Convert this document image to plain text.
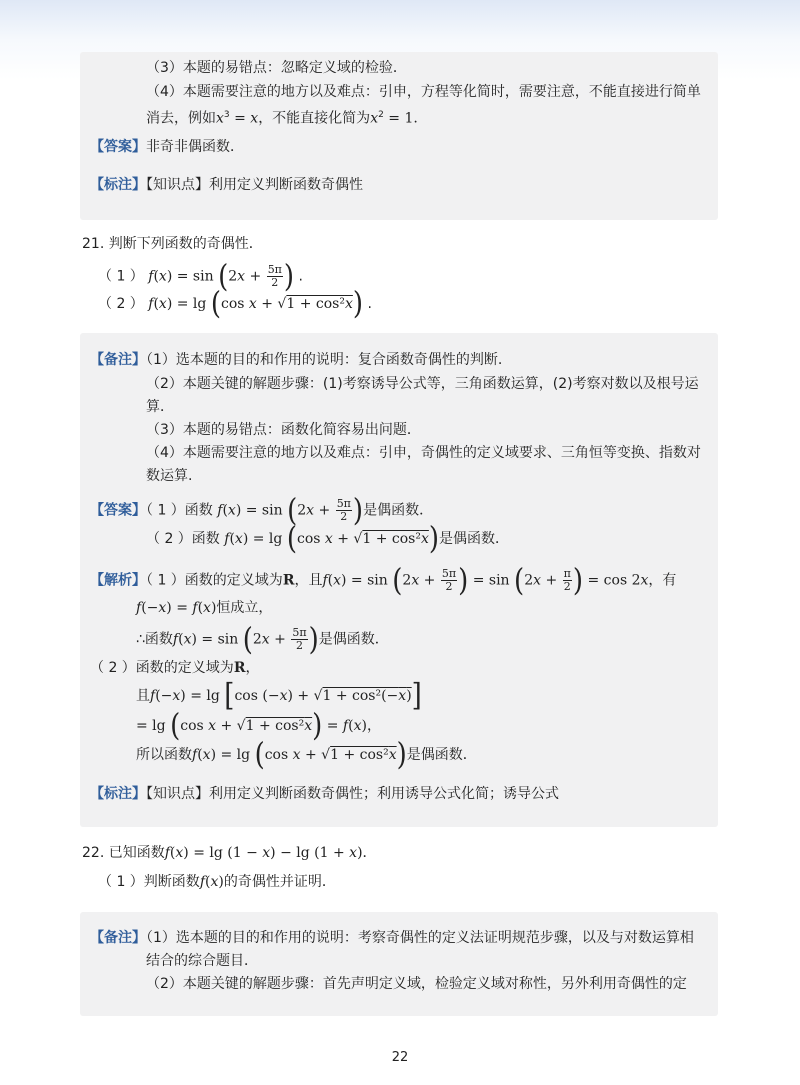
（3）本题的易错点：忽略定义域的检验．
（4）本题需要注意的地方以及难点：引申，方程等化简时，需要注意，不能直接进行简单
消去，例如$x^3 = x$，不能直接化简为$x^2 = 1$.
【答案】非奇非偶函数．
【标注】【知识点】利用定义判断函数奇偶性
21. 判断下列函数的奇偶性．
（ 1 ） $f(x) = \sin (2x + \frac{5\pi}{2}$ ) .
（ 2 ） f(x) = lg (cos x + √1 + cos²x) .
【备注】（1）选本题的目的和作用的说明：复合函数奇偶性的判断.
（2）本题关键的解题步骤：(1)考察诱导公式等，三角函数运算，(2)考察对数以及根号运
算．
（3）本题的易错点：函数化简容易出问题．
（4）本题需要注意的地方以及难点：引申，奇偶性的定义域要求、三角恒等变换、指数对
数运算.
【答案】（ 1 ）函数 $f(x) = \sin (2x + \frac{5\pi}{2}$ )是偶函数．
（ 2 ）函数 f(x) = lg (cos x + √1 + cos²x)是偶函数．
【解析】（ 1 ）函数的定义域为R，且$f(x) = \sin (2x + \frac{5\pi}{2}$ ) = $\sin (2x + \frac{\pi}{2}$ ) = cos 2x，有
f(−x) = f(x)恒成立，
∴函数$f(x) = \sin (2x + \frac{5\pi}{2}$ )是偶函数．
（ 2 ）函数的定义域为R，
且f(−x) = lg [cos (−x) + √1 + cos²(−x)]
= lg (cos x + √1 + cos²x) = f(x)，
所以函数f(x) = lg (cos x + √1 + cos²x)是偶函数．
【标注】【知识点】利用定义判断函数奇偶性；利用诱导公式化简；诱导公式
22. 已知函数f(x) = lg (1 − x) − lg (1 + x)．
（ 1 ）判断函数f(x)的奇偶性并证明．
【备注】（1）选本题的目的和作用的说明：考察奇偶性的定义法证明规范步骤，以及与对数运算相
结合的综合题目．
（2）本题关键的解题步骤：首先声明定义域，检验定义域对称性，另外利用奇偶性的定
22
